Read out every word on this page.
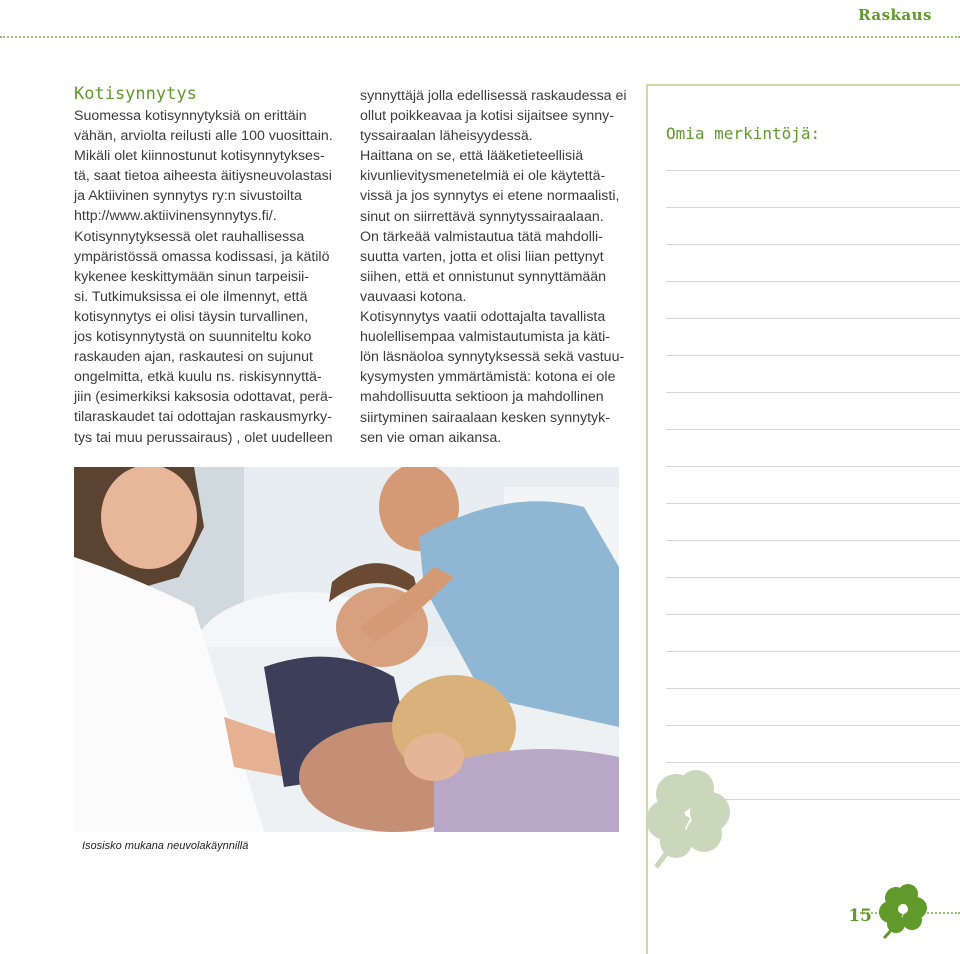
Raskaus
Kotisynnytys
Suomessa kotisynnytyksiä on erittäin
vähän, arviolta reilusti alle 100 vuosittain.
Mikäli olet kiinnostunut kotisynnytykses-
tä, saat tietoa aiheesta äitiysneuvolastasi
ja Aktiivinen synnytys ry:n sivustoilta
http://www.aktiivinensynnytys.fi/.
Kotisynnytyksessä olet rauhallisessa
ympäristössä omassa kodissasi, ja kätilö
kykenee keskittymään sinun tarpeisii-
si. Tutkimuksissa ei ole ilmennyt, että
kotisynnytys ei olisi täysin turvallinen,
jos kotisynnytystä on suunniteltu koko
raskauden ajan, raskautesi on sujunut
ongelmitta, etkä kuulu ns. riskisynnyttä-
jiin (esimerkiksi kaksosia odottavat, perä-
tilaraskaudet tai odottajan raskausmyrky-
tys tai muu perussairaus) , olet uudelleen
synnyttäjä jolla edellisessä raskaudessa ei
ollut poikkeavaa ja kotisi sijaitsee synny-
tyssairaalan läheisyydessä.
Haittana on se, että lääketieteellisiä
kivunlievitysmenetelmiä ei ole käytettä-
vissä ja jos synnytys ei etene normaalisti,
sinut on siirrettävä synnytyssairaalaan.
On tärkeää valmistautua tätä mahdolli-
suutta varten, jotta et olisi liian pettynyt
siihen, että et onnistunut synnyttämään
vauvaasi kotona.
Kotisynnytys vaatii odottajalta tavallista
huolellisempaa valmistautumista ja käti-
lön läsnäoloa synnytyksessä sekä vastuu-
kysymysten ymmärtämistä: kotona ei ole
mahdollisuutta sektioon ja mahdollinen
siirtyminen sairaalaan kesken synnytyk-
sen vie oman aikansa.
Isosisko mukana neuvolakäynnillä
Omia merkintöjä:
15
